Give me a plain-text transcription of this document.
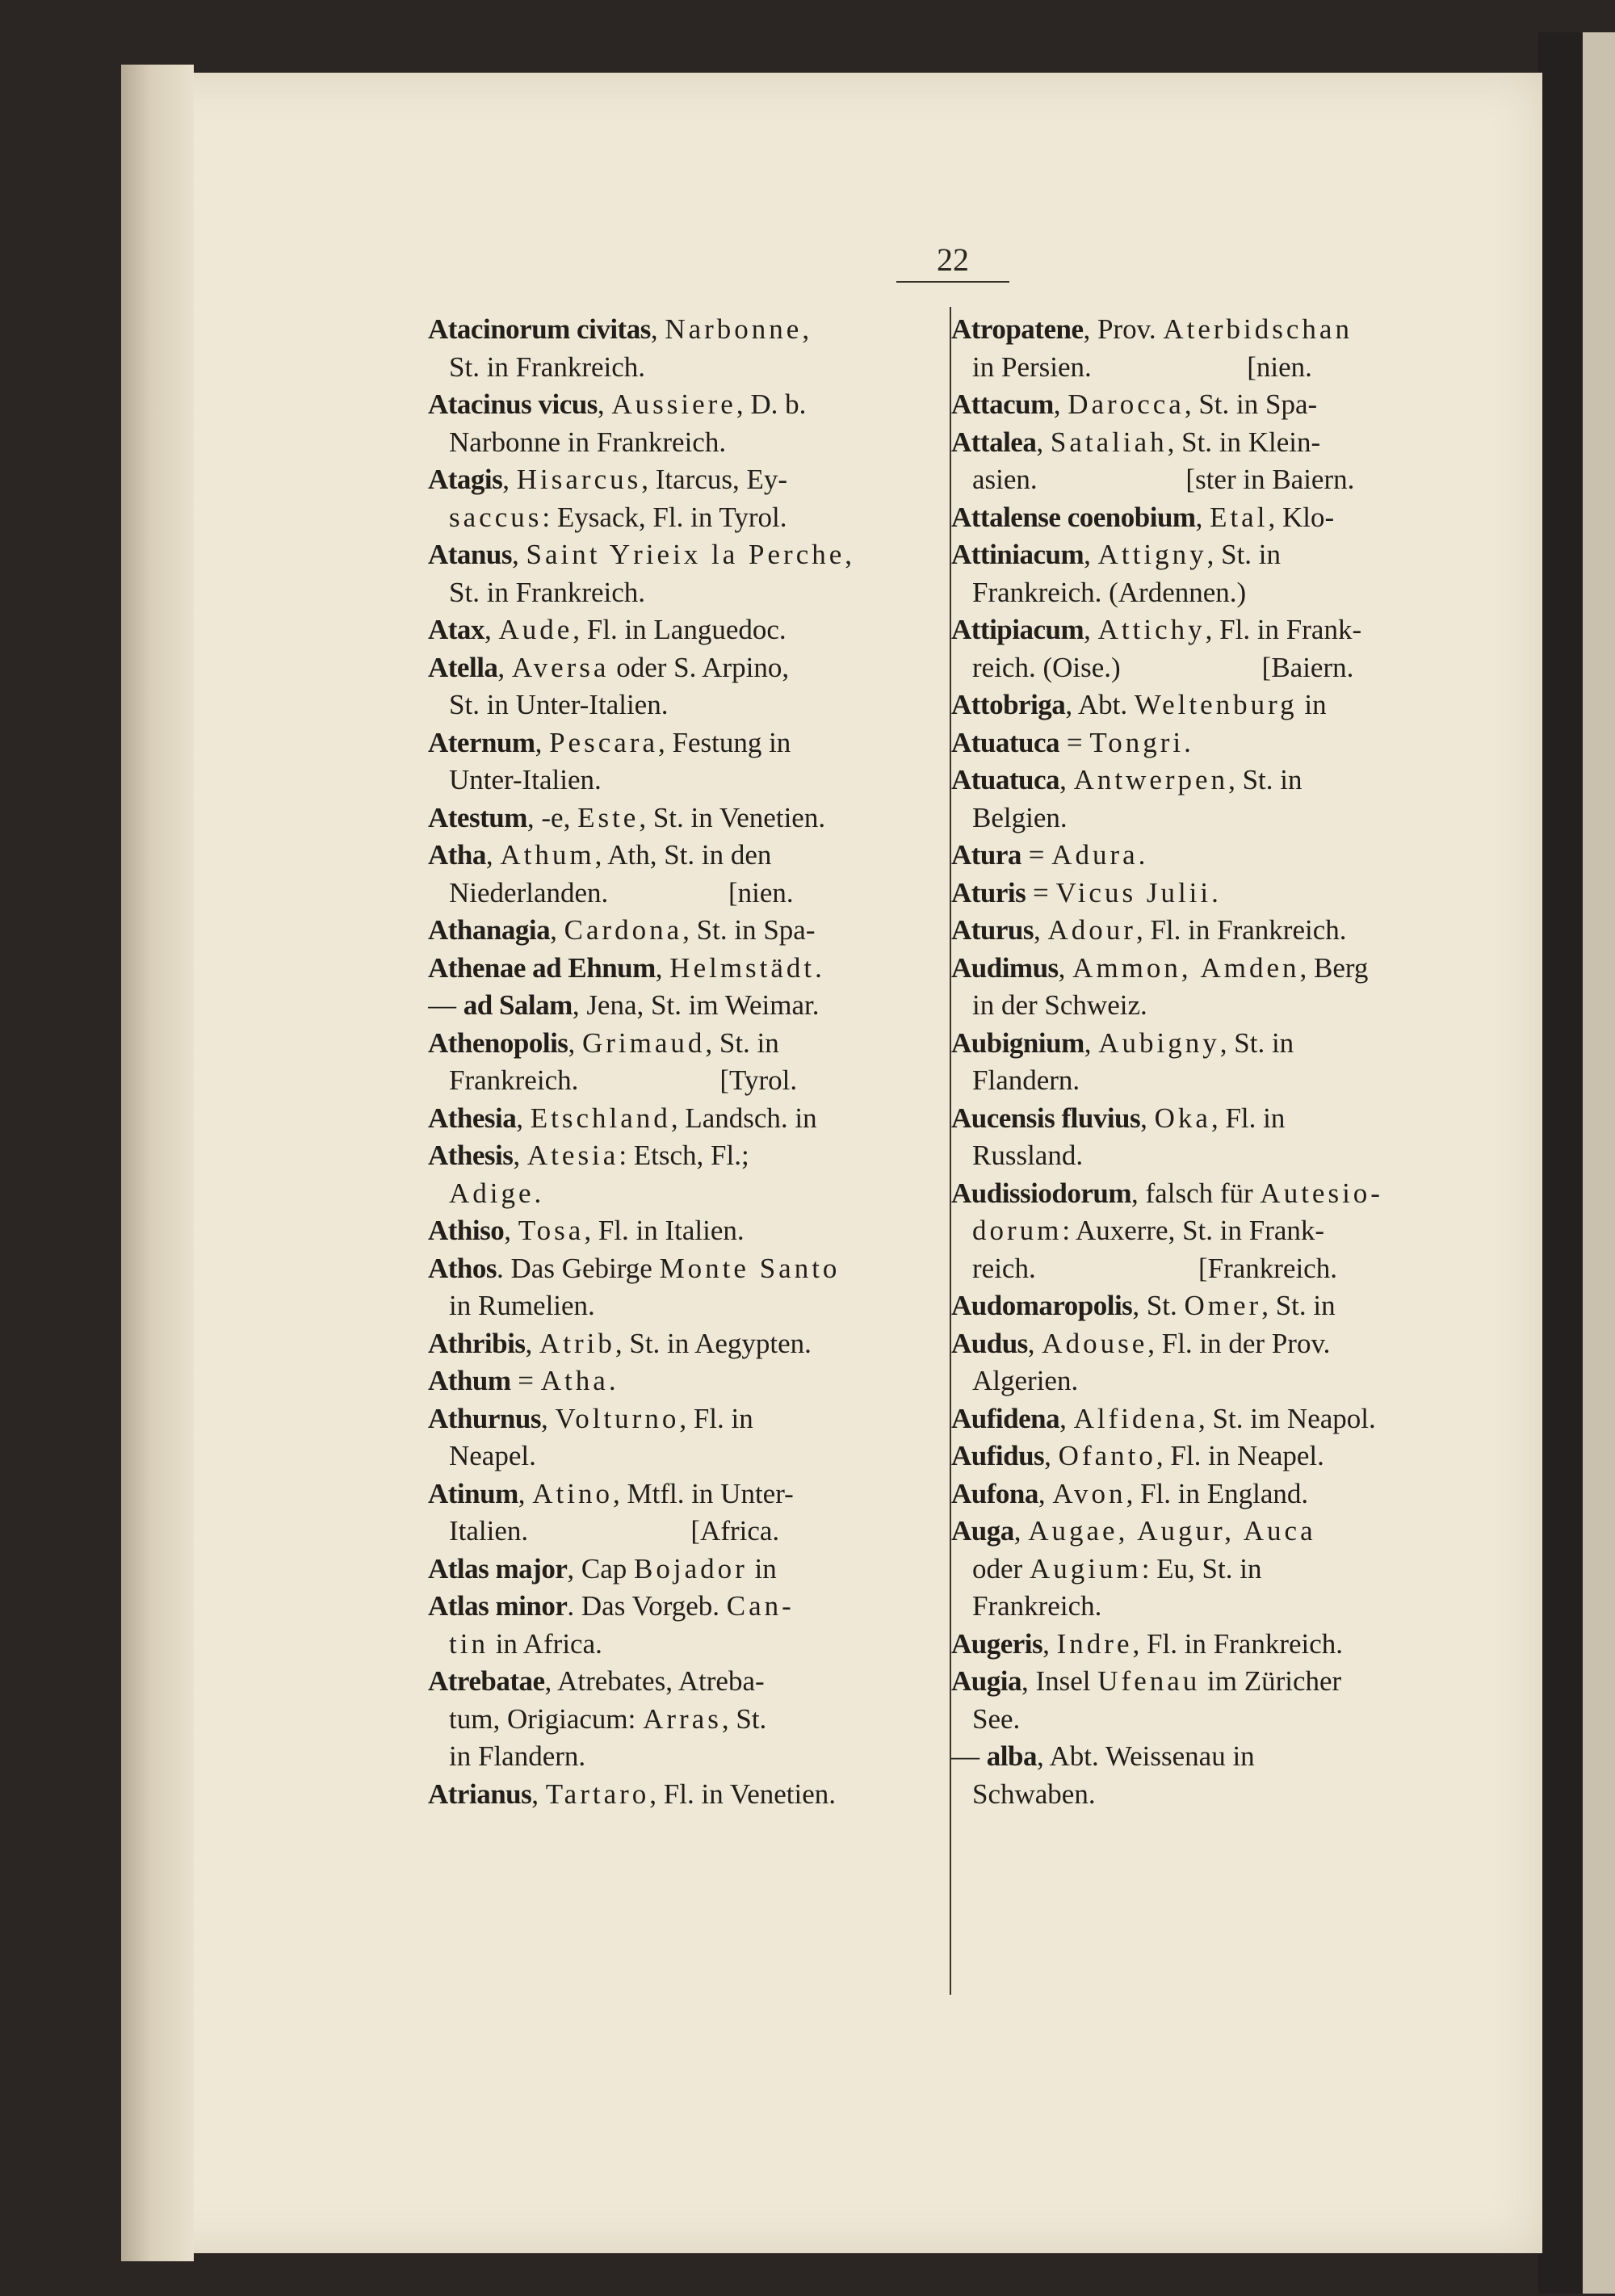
22
Atacinorum civitas, Narbonne,
St. in Frankreich.
Atacinus vicus, Aussiere, D. b.
Narbonne in Frankreich.
Atagis, Hisarcus, Itarcus, Ey-
saccus: Eysack, Fl. in Tyrol.
Atanus, Saint Yrieix la Perche,
St. in Frankreich.
Atax, Aude, Fl. in Languedoc.
Atella, Aversa oder S. Arpino,
St. in Unter-Italien.
Aternum, Pescara, Festung in
Unter-Italien.
Atestum, -e, Este, St. in Venetien.
Atha, Athum, Ath, St. in den
Niederlanden.                 [nien.
Athanagia, Cardona, St. in Spa-
Athenae ad Ehnum, Helmstädt.
— ad Salam, Jena, St. im Weimar.
Athenopolis, Grimaud, St. in
Frankreich.                    [Tyrol.
Athesia, Etschland, Landsch. in
Athesis, Atesia: Etsch, Fl.;
Adige.
Athiso, Tosa, Fl. in Italien.
Athos. Das Gebirge Monte Santo
in Rumelien.
Athribis, Atrib, St. in Aegypten.
Athum = Atha.
Athurnus, Volturno, Fl. in
Neapel.
Atinum, Atino, Mtfl. in Unter-
Italien.                       [Africa.
Atlas major, Cap Bojador in
Atlas minor. Das Vorgeb. Can-
tin in Africa.
Atrebatae, Atrebates, Atreba-
tum, Origiacum: Arras, St.
in Flandern.
Atrianus, Tartaro, Fl. in Venetien.
Atropatene, Prov. Aterbidschan
in Persien.                      [nien.
Attacum, Darocca, St. in Spa-
Attalea, Sataliah, St. in Klein-
asien.                     [ster in Baiern.
Attalense coenobium, Etal, Klo-
Attiniacum, Attigny, St. in
Frankreich. (Ardennen.)
Attipiacum, Attichy, Fl. in Frank-
reich. (Oise.)                    [Baiern.
Attobriga, Abt. Weltenburg in
Atuatuca = Tongri.
Atuatuca, Antwerpen, St. in
Belgien.
Atura = Adura.
Aturis = Vicus Julii.
Aturus, Adour, Fl. in Frankreich.
Audimus, Ammon, Amden, Berg
in der Schweiz.
Aubignium, Aubigny, St. in
Flandern.
Aucensis fluvius, Oka, Fl. in
Russland.
Audissiodorum, falsch für Autesio-
dorum: Auxerre, St. in Frank-
reich.                       [Frankreich.
Audomaropolis, St. Omer, St. in
Audus, Adouse, Fl. in der Prov.
Algerien.
Aufidena, Alfidena, St. im Neapol.
Aufidus, Ofanto, Fl. in Neapel.
Aufona, Avon, Fl. in England.
Auga, Augae, Augur, Auca
oder Augium: Eu, St. in
Frankreich.
Augeris, Indre, Fl. in Frankreich.
Augia, Insel Ufenau im Züricher
See.
— alba, Abt. Weissenau in
Schwaben.
